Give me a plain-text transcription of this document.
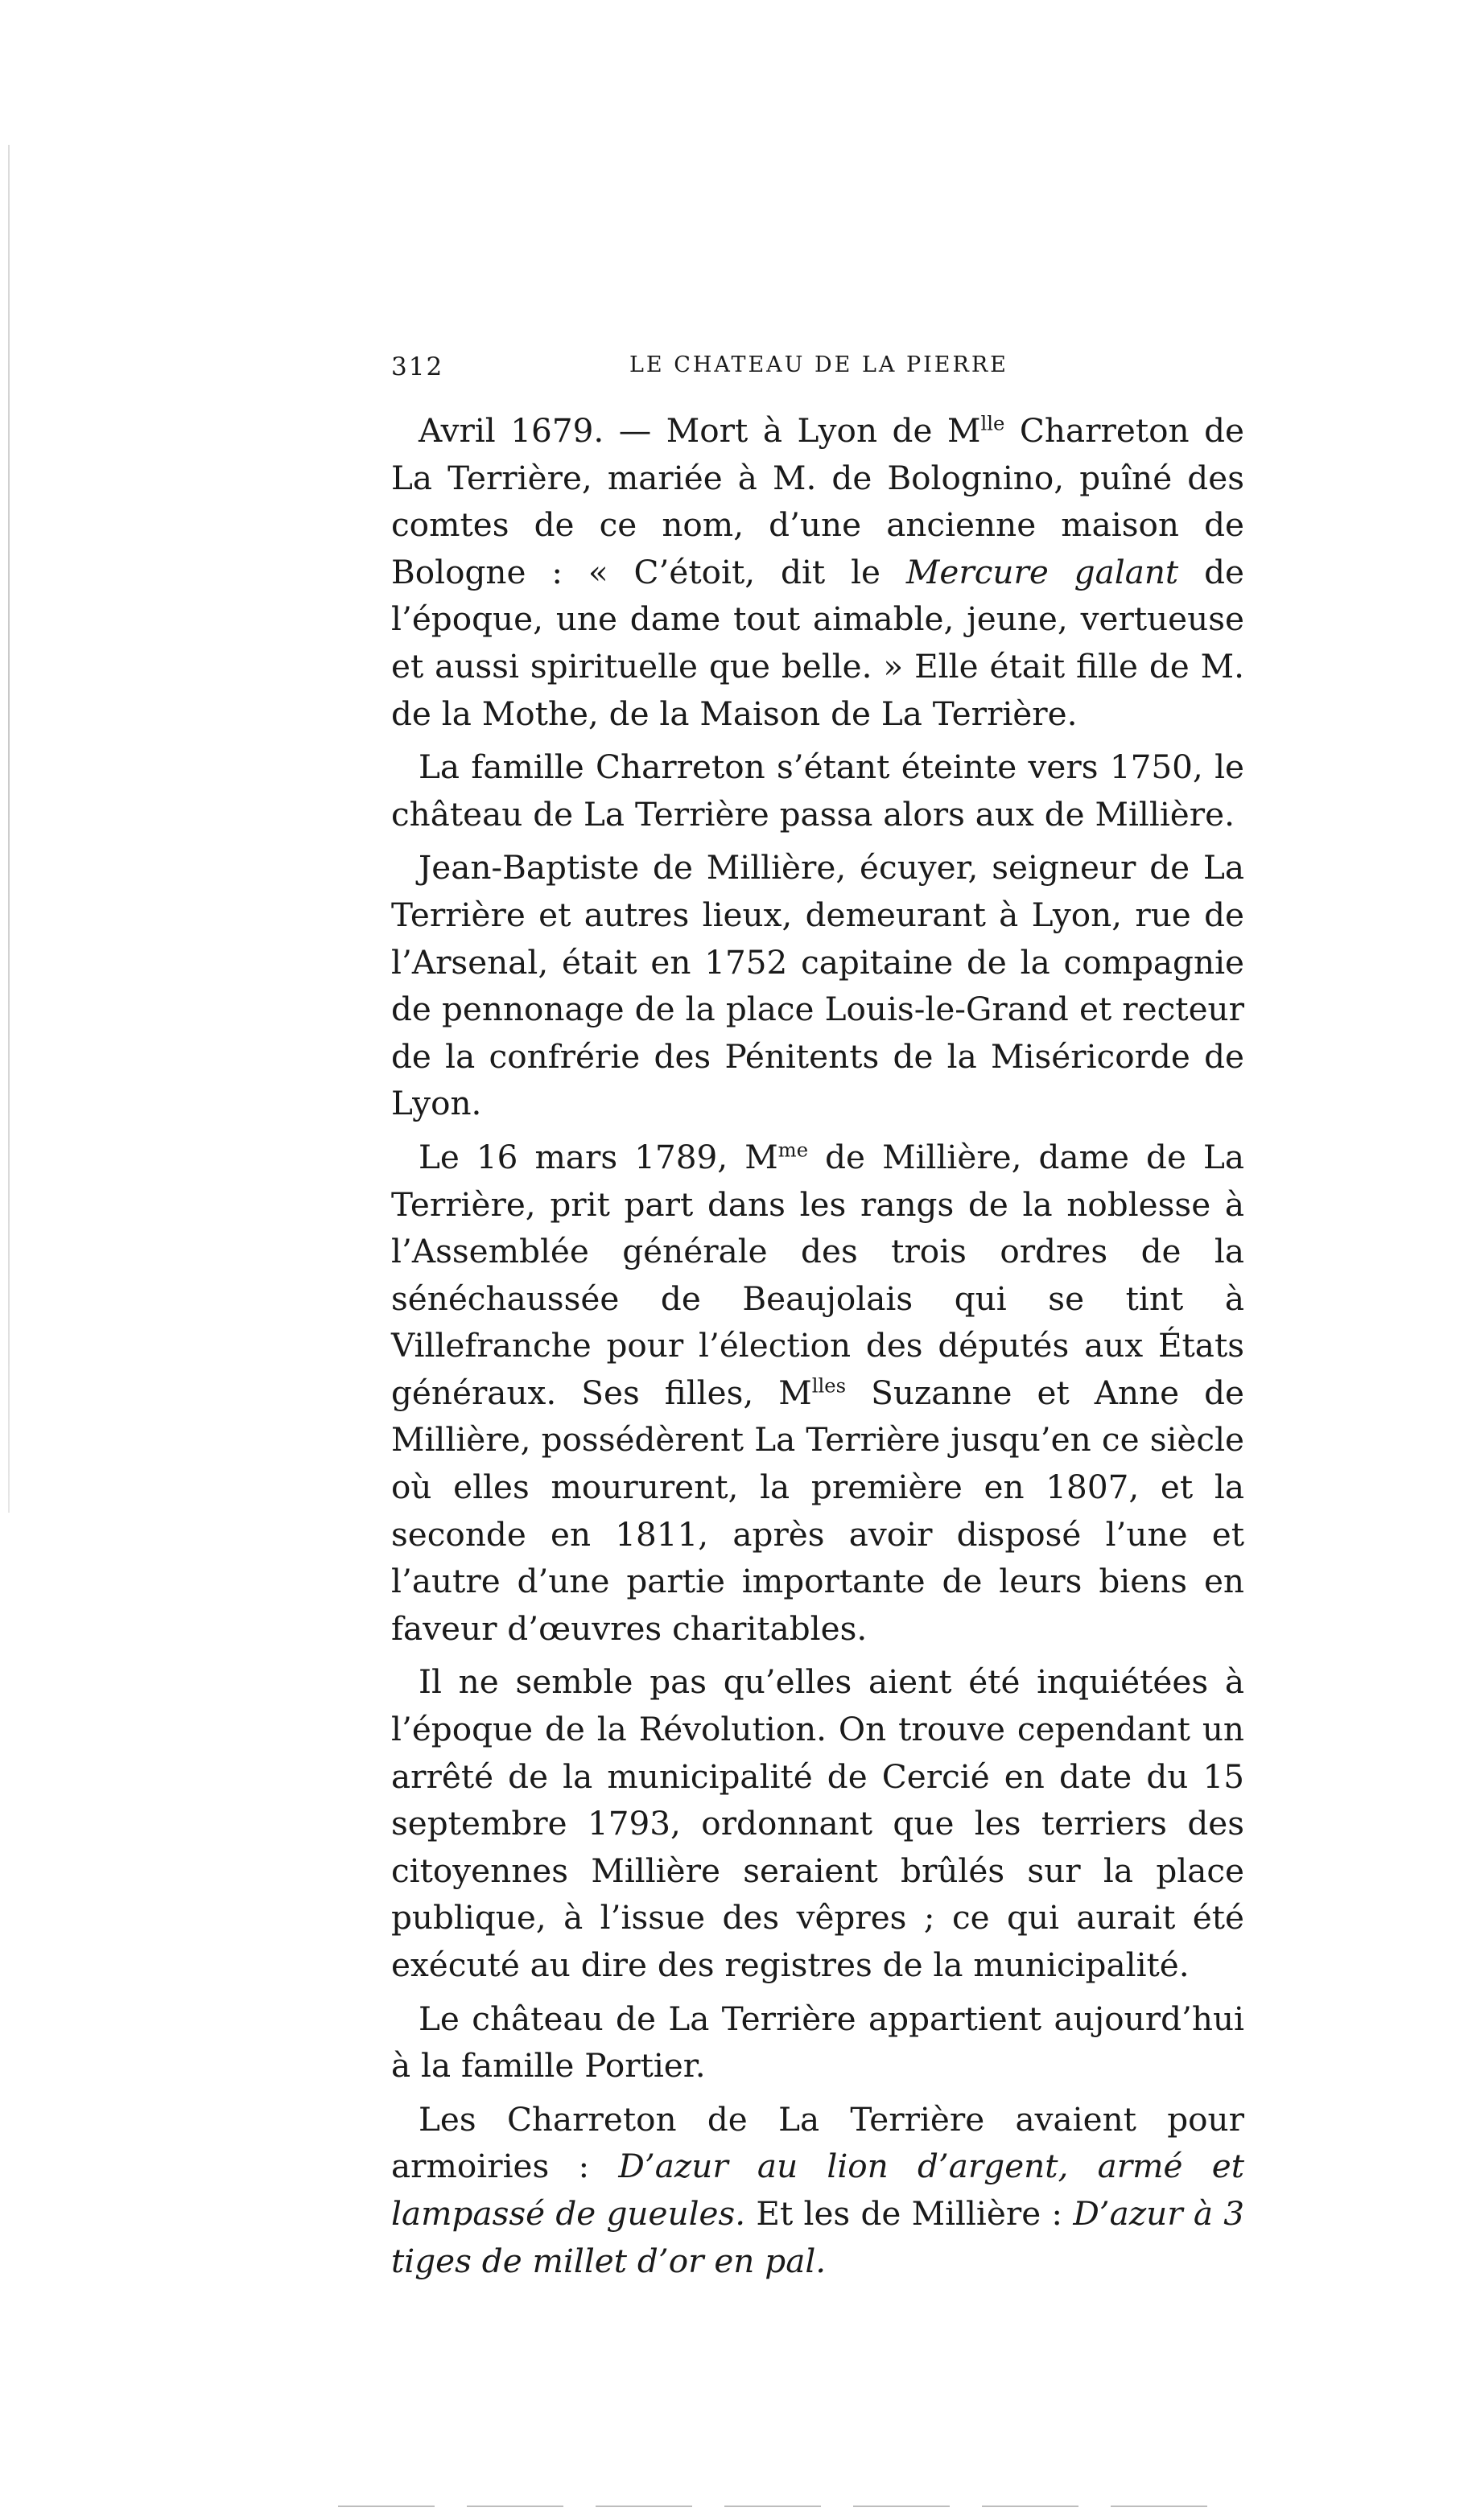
312	LE CHATEAU DE LA PIERRE

Avril 1679. — Mort à Lyon de $M^{lle}$ Charreton de La Terrière, mariée à M. de Bolognino, puîné des comtes de ce nom, d’une ancienne maison de Bologne : « C’étoit, dit le Mercure galant de l’époque, une dame tout aimable, jeune, vertueuse et aussi spirituelle que belle. » Elle était fille de M. de la Mothe, de la Maison de La Terrière.

La famille Charreton s’étant éteinte vers 1750, le château de La Terrière passa alors aux de Millière.

Jean-Baptiste de Millière, écuyer, seigneur de La Terrière et autres lieux, demeurant à Lyon, rue de l’Arsenal, était en 1752 capitaine de la compagnie de pennonage de la place Louis-le-Grand et recteur de la confrérie des Pénitents de la Miséricorde de Lyon.

Le 16 mars 1789, $M^{me}$ de Millière, dame de La Terrière, prit part dans les rangs de la noblesse à l’Assemblée générale des trois ordres de la sénéchaussée de Beaujolais qui se tint à Villefranche pour l’élection des députés aux États généraux. Ses filles, $M^{lles}$ Suzanne et Anne de Millière, possédèrent La Terrière jusqu’en ce siècle où elles moururent, la première en 1807, et la seconde en 1811, après avoir disposé l’une et l’autre d’une partie importante de leurs biens en faveur d’œuvres charitables.

Il ne semble pas qu’elles aient été inquiétées à l’époque de la Révolution. On trouve cependant un arrêté de la municipalité de Cercié en date du 15 septembre 1793, ordonnant que les terriers des citoyennes Millière seraient brûlés sur la place publique, à l’issue des vêpres ; ce qui aurait été exécuté au dire des registres de la municipalité.

Le château de La Terrière appartient aujourd’hui à la famille Portier.

Les Charreton de La Terrière avaient pour armoiries : D’azur au lion d’argent, armé et lampassé de gueules. Et les de Millière : D’azur à 3 tiges de millet d’or en pal.
